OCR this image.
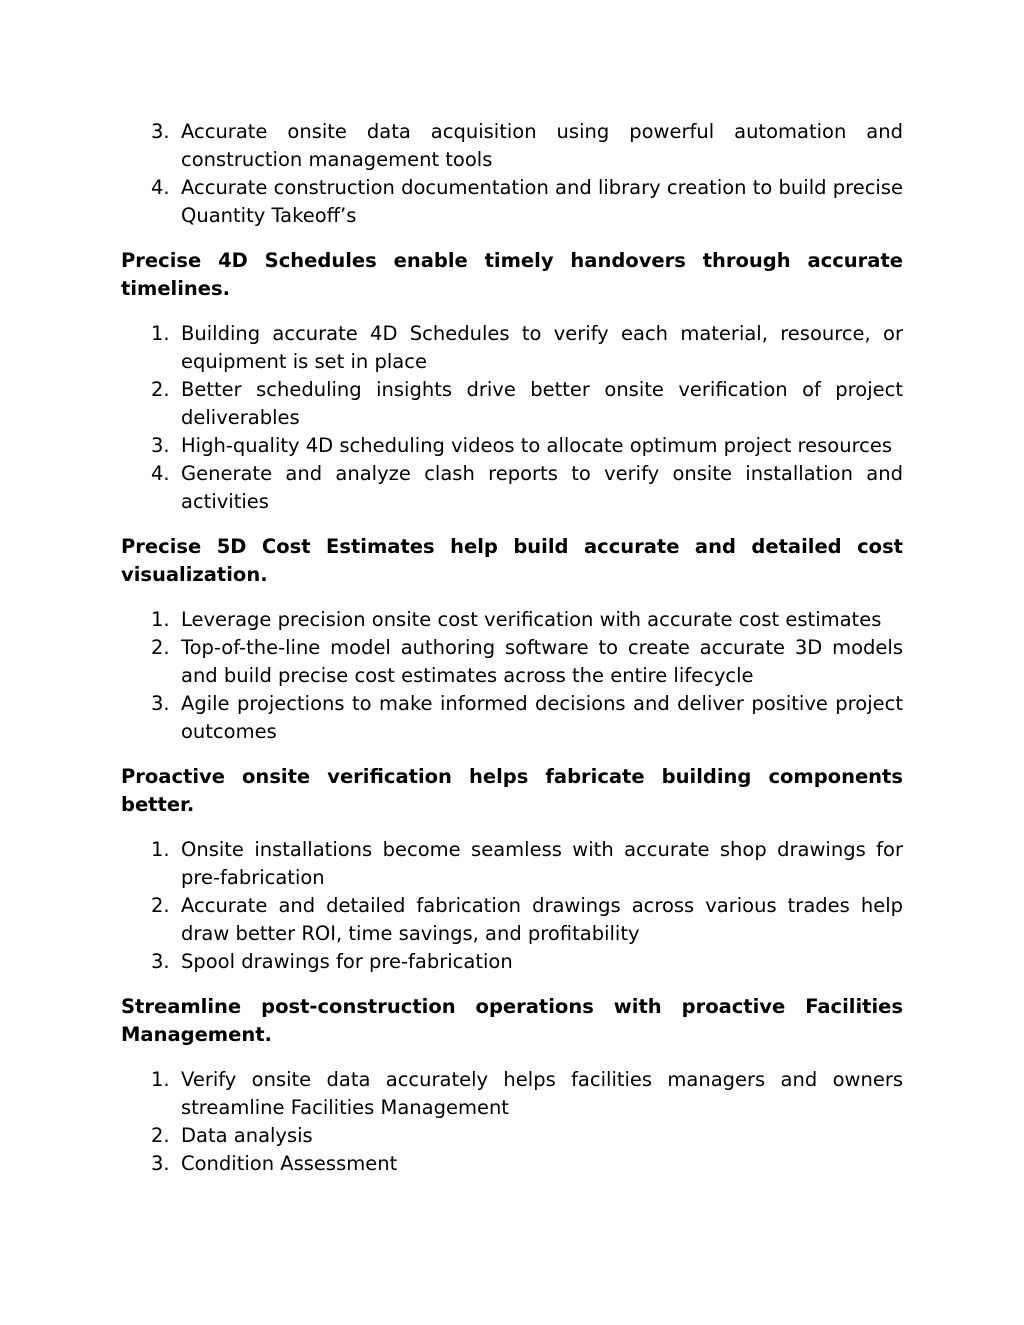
3. Accurate onsite data acquisition using powerful automation and construction management tools
4. Accurate construction documentation and library creation to build precise Quantity Takeoff’s
Precise 4D Schedules enable timely handovers through accurate timelines.
1. Building accurate 4D Schedules to verify each material, resource, or equipment is set in place
2. Better scheduling insights drive better onsite verification of project deliverables
3. High-quality 4D scheduling videos to allocate optimum project resources
4. Generate and analyze clash reports to verify onsite installation and activities
Precise 5D Cost Estimates help build accurate and detailed cost visualization.
1. Leverage precision onsite cost verification with accurate cost estimates
2. Top-of-the-line model authoring software to create accurate 3D models and build precise cost estimates across the entire lifecycle
3. Agile projections to make informed decisions and deliver positive project outcomes
Proactive onsite verification helps fabricate building components better.
1. Onsite installations become seamless with accurate shop drawings for pre-fabrication
2. Accurate and detailed fabrication drawings across various trades help draw better ROI, time savings, and profitability
3. Spool drawings for pre-fabrication
Streamline post-construction operations with proactive Facilities Management.
1. Verify onsite data accurately helps facilities managers and owners streamline Facilities Management
2. Data analysis
3. Condition Assessment
